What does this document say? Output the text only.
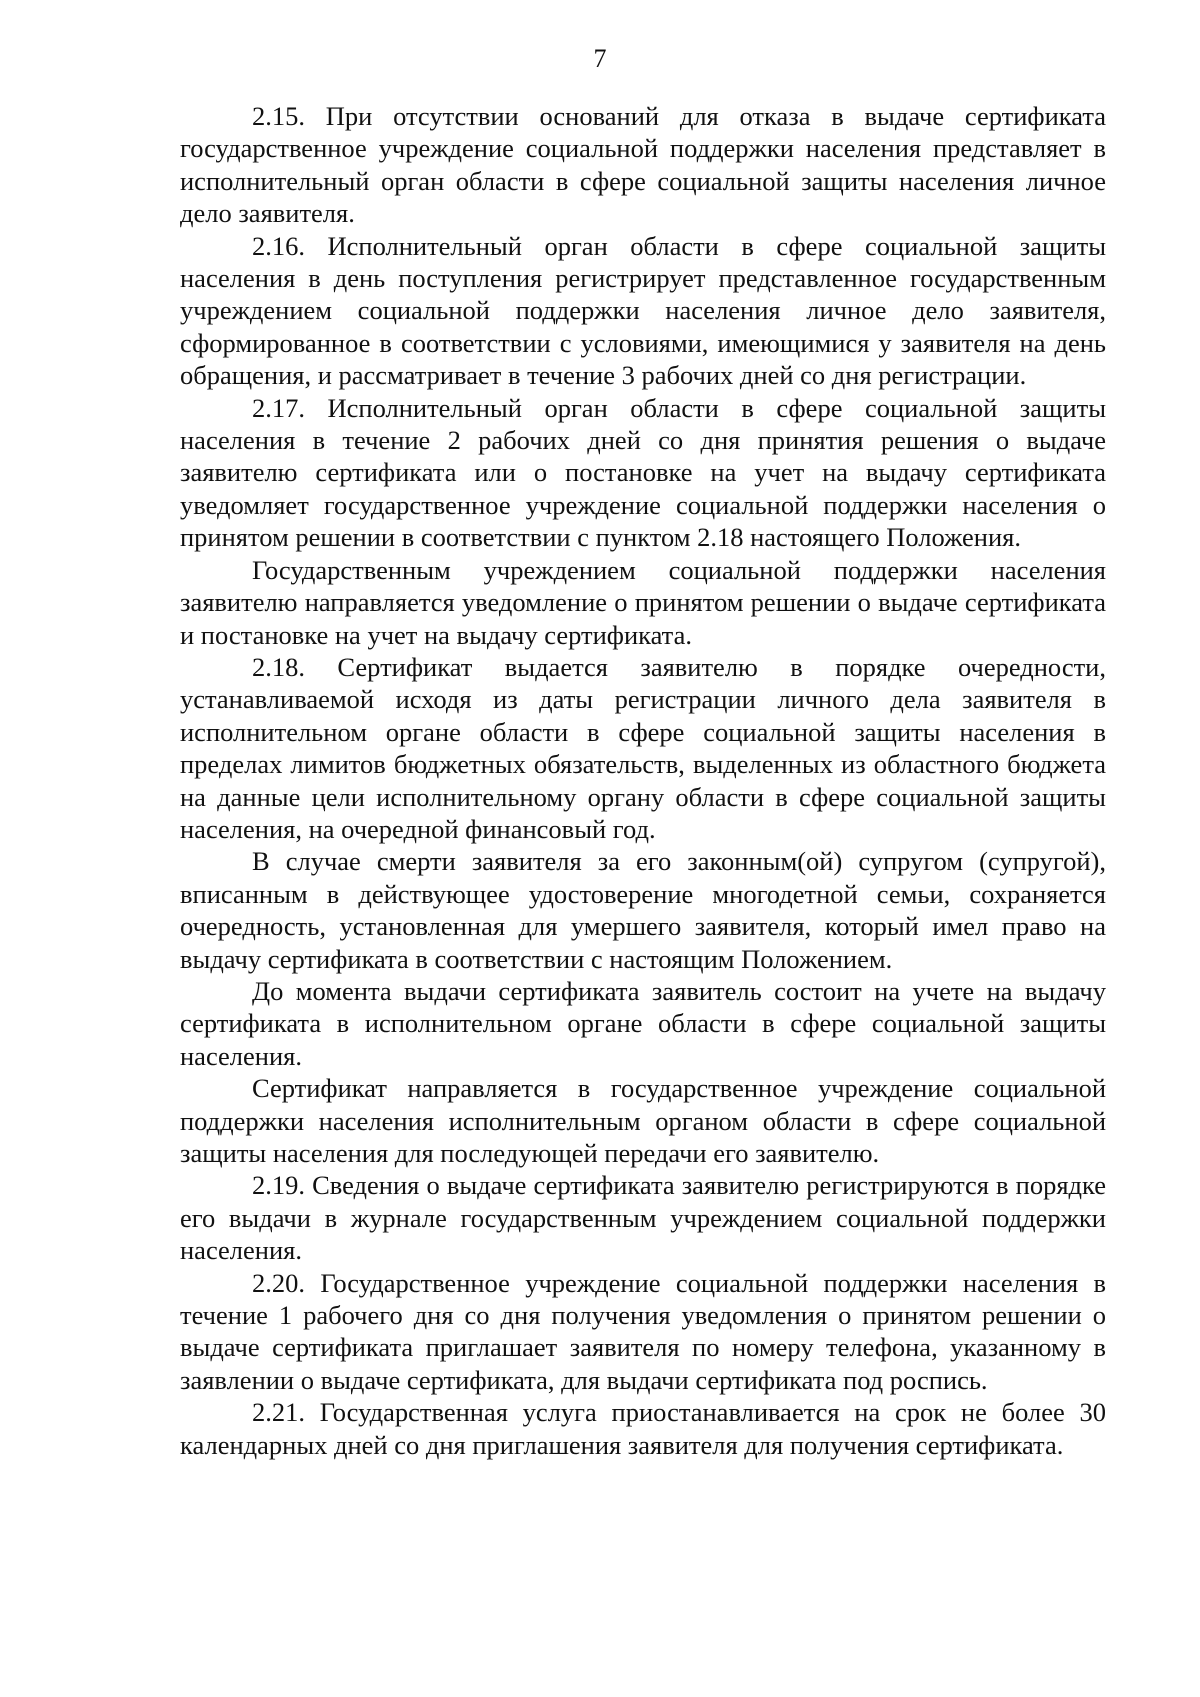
7

2.15. При отсутствии оснований для отказа в выдаче сертификата государственное учреждение социальной поддержки населения представляет в исполнительный орган области в сфере социальной защиты населения личное дело заявителя.

2.16. Исполнительный орган области в сфере социальной защиты населения в день поступления регистрирует представленное государственным учреждением социальной поддержки населения личное дело заявителя, сформированное в соответствии с условиями, имеющимися у заявителя на день обращения, и рассматривает в течение 3 рабочих дней со дня регистрации.

2.17. Исполнительный орган области в сфере социальной защиты населения в течение 2 рабочих дней со дня принятия решения о выдаче заявителю сертификата или о постановке на учет на выдачу сертификата уведомляет государственное учреждение социальной поддержки населения о принятом решении в соответствии с пунктом 2.18 настоящего Положения.

Государственным учреждением социальной поддержки населения заявителю направляется уведомление о принятом решении о выдаче сертификата и постановке на учет на выдачу сертификата.

2.18. Сертификат выдается заявителю в порядке очередности, устанавливаемой исходя из даты регистрации личного дела заявителя в исполнительном органе области в сфере социальной защиты населения в пределах лимитов бюджетных обязательств, выделенных из областного бюджета на данные цели исполнительному органу области в сфере социальной защиты населения, на очередной финансовый год.

В случае смерти заявителя за его законным(ой) супругом (супругой), вписанным в действующее удостоверение многодетной семьи, сохраняется очередность, установленная для умершего заявителя, который имел право на выдачу сертификата в соответствии с настоящим Положением.

До момента выдачи сертификата заявитель состоит на учете на выдачу сертификата в исполнительном органе области в сфере социальной защиты населения.

Сертификат направляется в государственное учреждение социальной поддержки населения исполнительным органом области в сфере социальной защиты населения для последующей передачи его заявителю.

2.19. Сведения о выдаче сертификата заявителю регистрируются в порядке его выдачи в журнале государственным учреждением социальной поддержки населения.

2.20. Государственное учреждение социальной поддержки населения в течение 1 рабочего дня со дня получения уведомления о принятом решении о выдаче сертификата приглашает заявителя по номеру телефона, указанному в заявлении о выдаче сертификата, для выдачи сертификата под роспись.

2.21. Государственная услуга приостанавливается на срок не более 30 календарных дней со дня приглашения заявителя для получения сертификата.
